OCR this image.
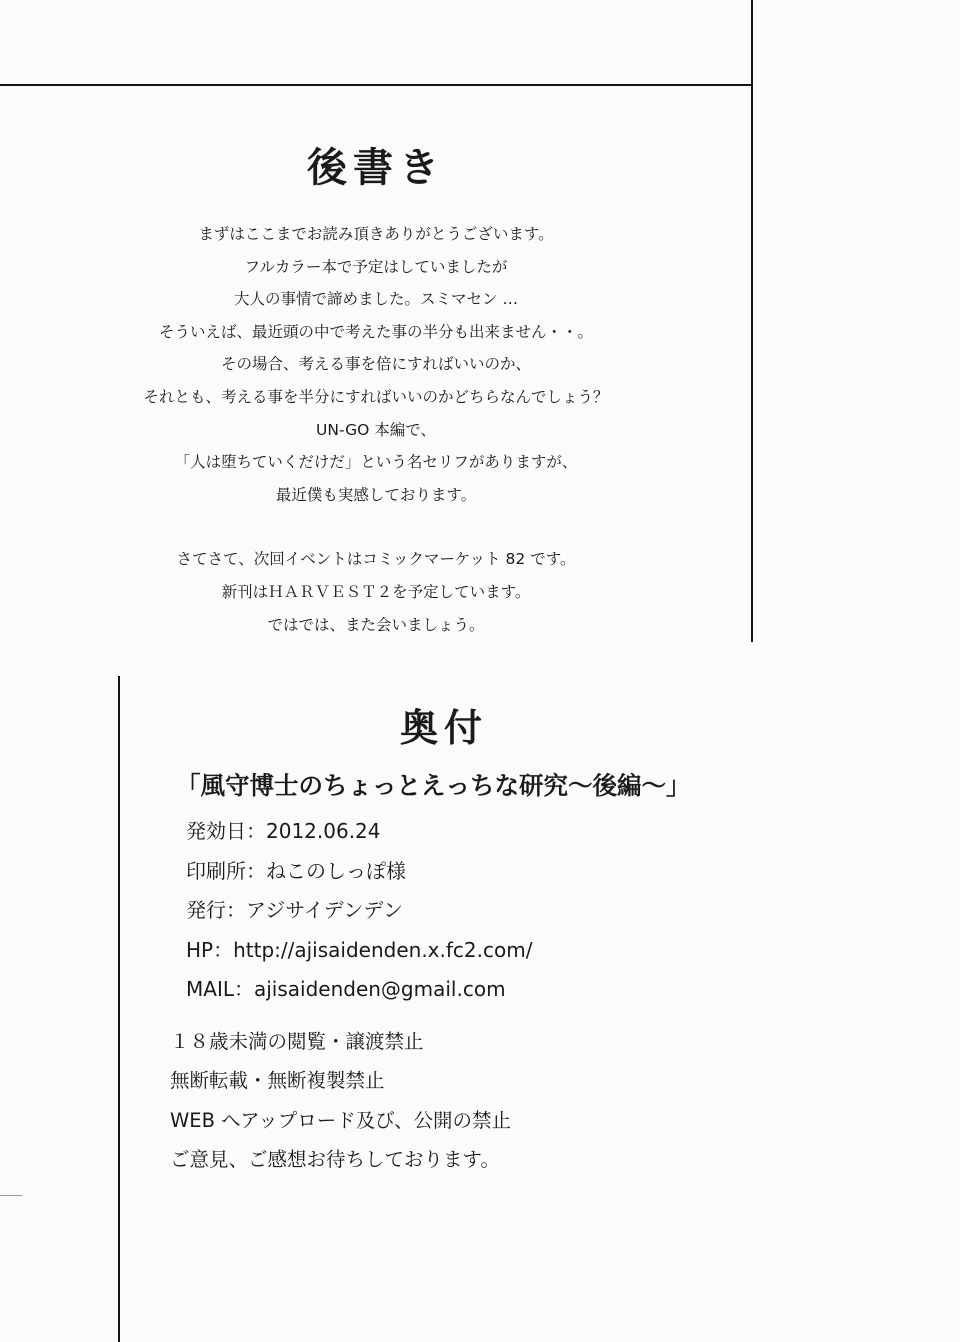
後書き
まずはここまでお読み頂きありがとうございます。
フルカラー本で予定はしていましたが
大人の事情で諦めました。スミマセン …
そういえば、最近頭の中で考えた事の半分も出来ません・・。
その場合、考える事を倍にすればいいのか、
それとも、考える事を半分にすればいいのかどちらなんでしょう？
UN-GO 本編で、
「人は堕ちていくだけだ」という名セリフがありますが、
最近僕も実感しております。
さてさて、次回イベントはコミックマーケット 82 です。
新刊はＨＡＲＶＥＳＴ２を予定しています。
ではでは、また会いましょう。
奥付
「風守博士のちょっとえっちな研究～後編～」
発効日：2012.06.24
印刷所：ねこのしっぽ様
発行：アジサイデンデン
HP：http://ajisaidenden.x.fc2.com/
MAIL：ajisaidenden@gmail.com
１８歳未満の閲覧・譲渡禁止
無断転載・無断複製禁止
WEB へアップロード及び、公開の禁止
ご意見、ご感想お待ちしております。
